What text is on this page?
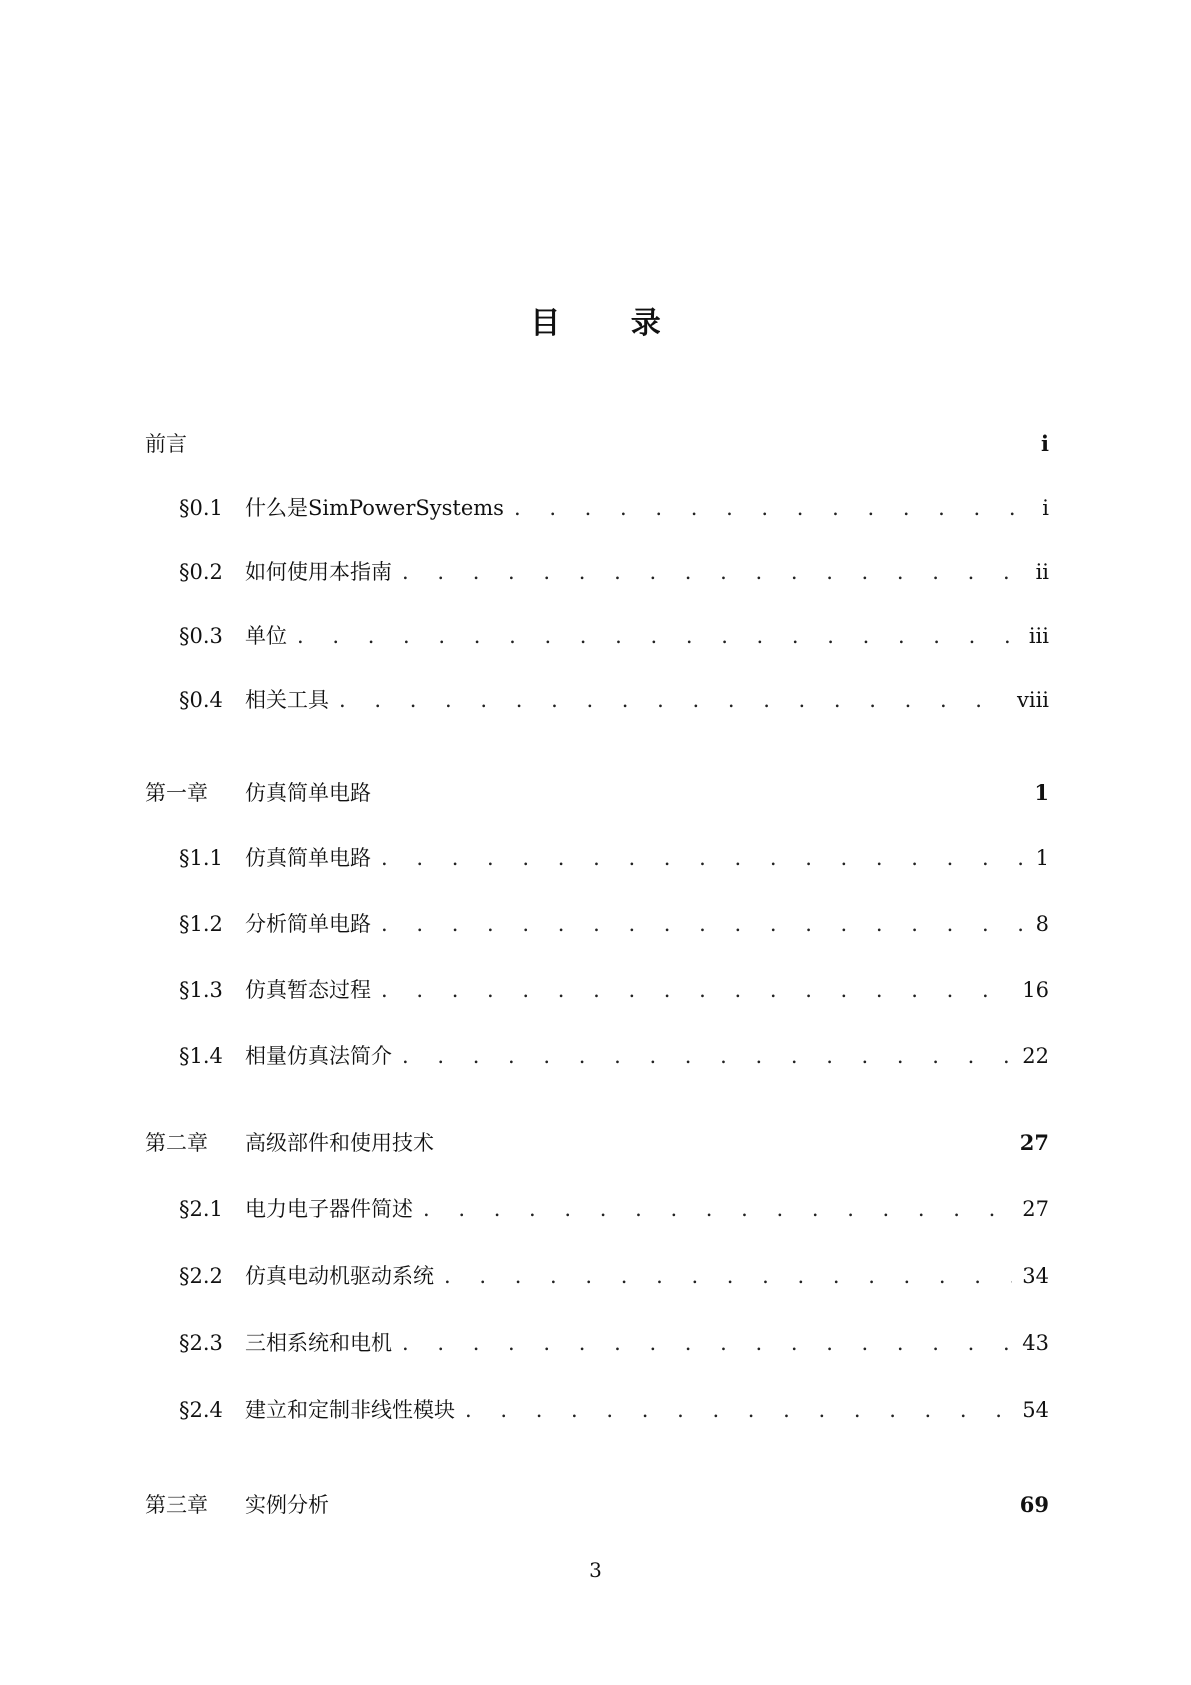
目 录
前言	i
§0.1 什么是SimPowerSystems . . .	i
§0.2 如何使用本指南 . . .	ii
§0.3 单位 . . .	iii
§0.4 相关工具 . . .	viii
第一章 仿真简单电路	1
§1.1 仿真简单电路 . . .	1
§1.2 分析简单电路 . . .	8
§1.3 仿真暂态过程 . . .	16
§1.4 相量仿真法简介 . . .	22
第二章 高级部件和使用技术	27
§2.1 电力电子器件简述 . . .	27
§2.2 仿真电动机驱动系统 . . .	34
§2.3 三相系统和电机 . . .	43
§2.4 建立和定制非线性模块 . . .	54
第三章 实例分析	69
3
